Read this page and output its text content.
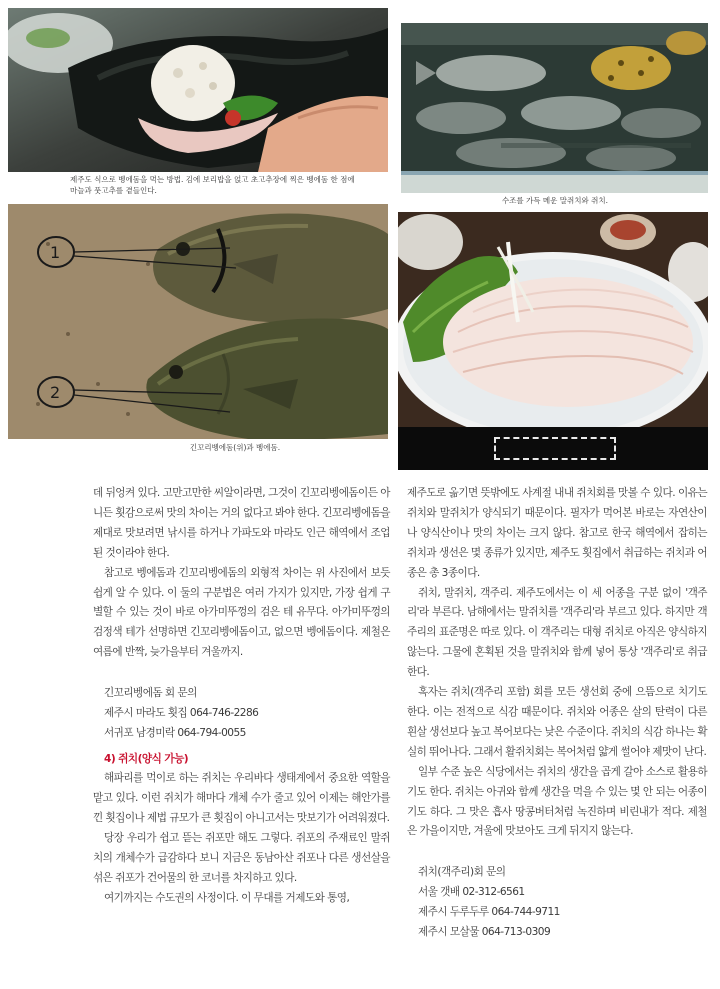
제주도 식으로 벵에돔을 먹는 방법. 김에 보리밥을 얹고 초고추장에 찍은 벵에돔 한 점에 마늘과 풋고추를 곁들인다.
수조를 가득 메운 말쥐치와 쥐치.
1
2
긴꼬리벵에돔(위)과 벵에돔.

데 뒤엉켜 있다. 고만고만한 씨알이라면, 그것이 긴꼬리벵에돔이든 아니든 횟감으로써 맛의 차이는 거의 없다고 봐야 한다. 긴꼬리벵에돔을 제대로 맛보려면 낚시를 하거나 가파도와 마라도 인근 해역에서 조업된 것이라야 한다.

참고로 벵에돔과 긴꼬리벵에돔의 외형적 차이는 위 사진에서 보듯 쉽게 알 수 있다. 이 둘의 구분법은 여러 가지가 있지만, 가장 쉽게 구별할 수 있는 것이 바로 아가미뚜껑의 검은 테 유무다. 아가미뚜껑의 검정색 테가 선명하면 긴꼬리벵에돔이고, 없으면 벵에돔이다. 제철은 여름에 반짝, 늦가을부터 겨울까지.

긴꼬리벵에돔 회 문의
제주시 마라도 횟집 064-746-2286
서귀포 남경미락 064-794-0055
4) 쥐치(양식 가능)

해파리를 먹이로 하는 쥐치는 우리바다 생태계에서 중요한 역할을 맡고 있다. 이런 쥐치가 해마다 개체 수가 줄고 있어 이제는 해안가를 낀 횟집이나 제법 규모가 큰 횟집이 아니고서는 맛보기가 어려워졌다.

당장 우리가 쉽고 뜯는 쥐포만 해도 그렇다. 쥐포의 주재료인 말쥐치의 개체수가 급감하다 보니 지금은 동남아산 쥐포나 다른 생선살을 섞은 쥐포가 건어물의 한 코너를 차지하고 있다.

여기까지는 수도권의 사정이다. 이 무대를 거제도와 통영,

제주도로 옮기면 뜻밖에도 사계절 내내 쥐치회를 맛볼 수 있다. 이유는 쥐치와 말쥐치가 양식되기 때문이다. 필자가 먹어본 바로는 자연산이나 양식산이나 맛의 차이는 크지 않다. 참고로 한국 해역에서 잡히는 쥐치과 생선은 몇 종류가 있지만, 제주도 횟집에서 취급하는 쥐치과 어종은 총 3종이다.

쥐치, 말쥐치, 객주리. 제주도에서는 이 세 어종을 구분 없이 '객주리'라 부른다. 남해에서는 말쥐치를 '객주리'라 부르고 있다. 하지만 객주리의 표준명은 따로 있다. 이 객주리는 대형 쥐치로 아직은 양식하지 않는다. 그물에 혼획된 것을 말쥐치와 함께 넣어 통상 '객주리'로 취급한다.

혹자는 쥐치(객주리 포함) 회를 모든 생선회 중에 으뜸으로 치기도 한다. 이는 전적으로 식감 때문이다. 쥐치와 어종은 살의 탄력이 다른 흰살 생선보다 높고 복어보다는 낮은 수준이다. 쥐치의 식감 하나는 확실히 뛰어나다. 그래서 활쥐치회는 복어처럼 얇게 썰어야 제맛이 난다.

일부 수준 높은 식당에서는 쥐치의 생간을 곱게 갈아 소스로 활용하기도 한다. 쥐치는 아귀와 함께 생간을 먹을 수 있는 몇 안 되는 어종이기도 하다. 그 맛은 흡사 땅콩버터처럼 녹진하며 비린내가 적다. 제철은 가을이지만, 겨울에 맛보아도 크게 뒤지지 않는다.

쥐치(객주리)회 문의
서울 갯배 02-312-6561
제주시 두루두루 064-744-9711
제주시 모살물 064-713-0309
